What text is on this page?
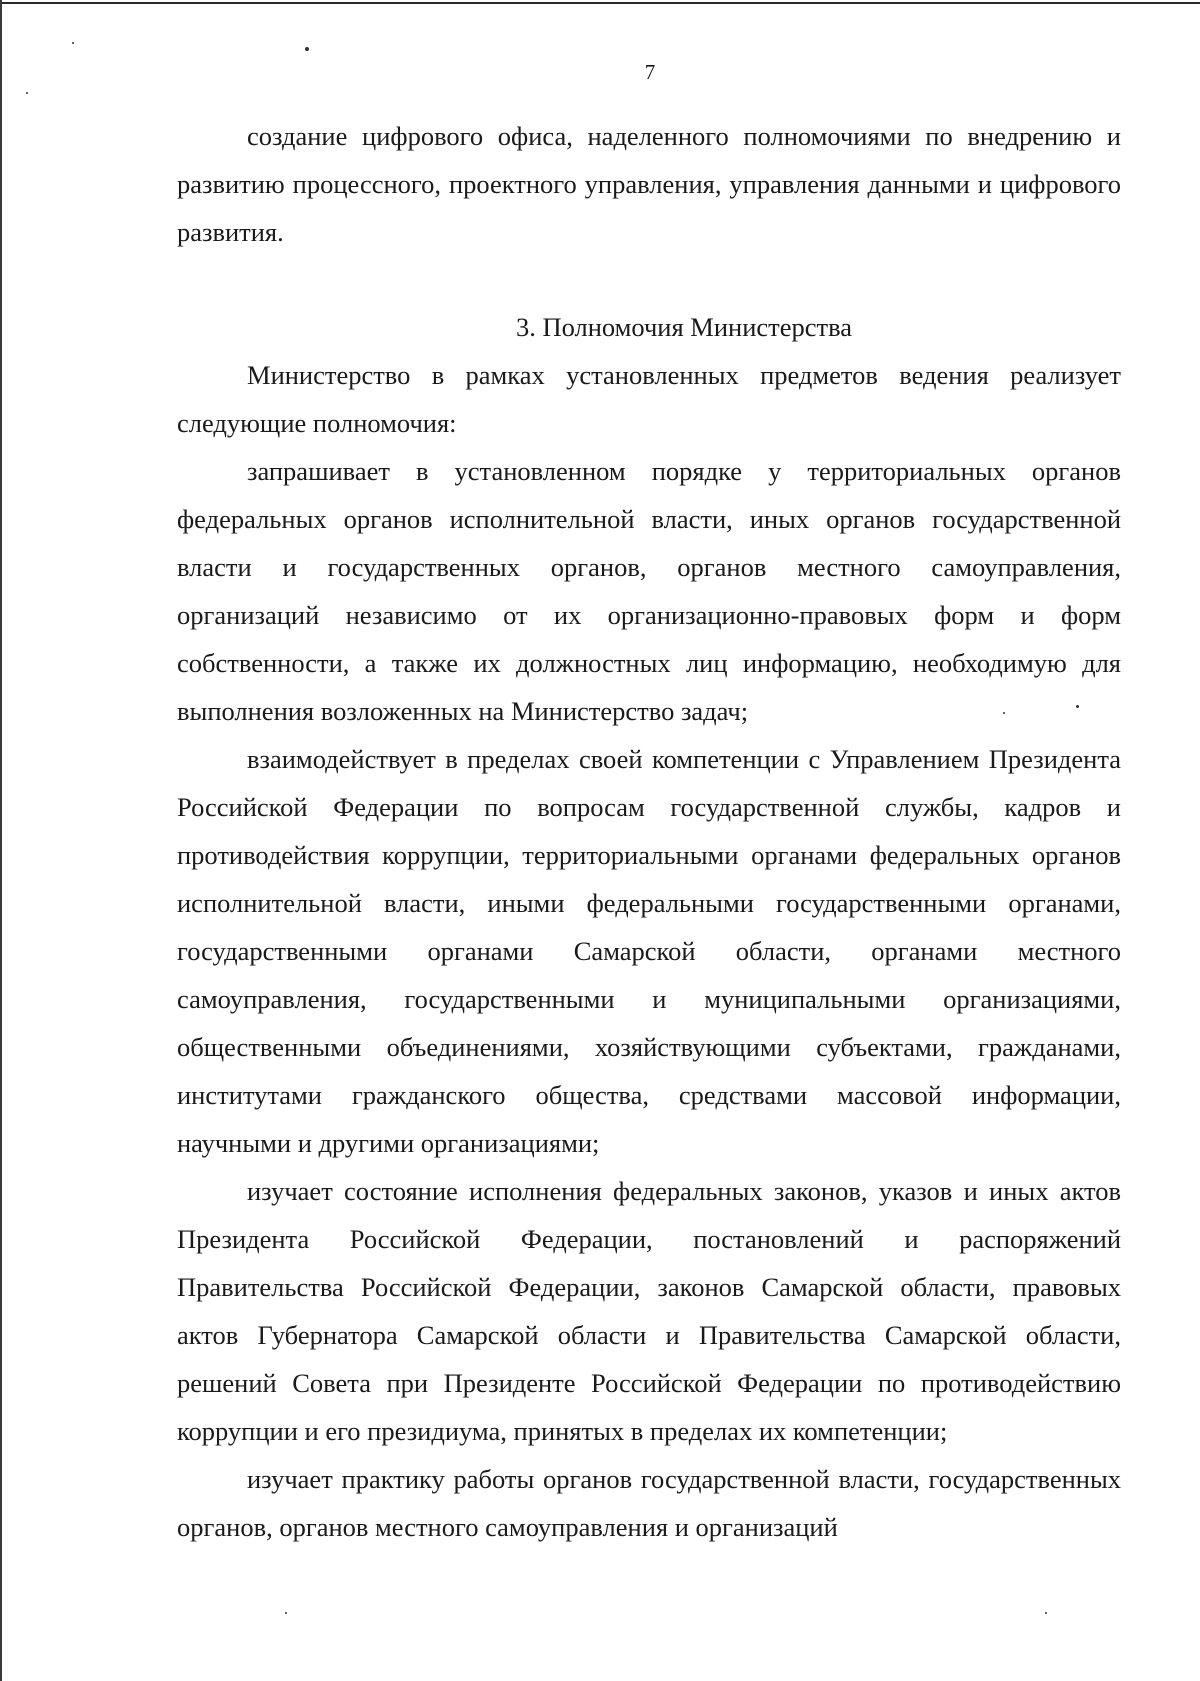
7

создание цифрового офиса, наделенного полномочиями по внедрению и развитию процессного, проектного управления, управления данными и цифрового развития.

3. Полномочия Министерства

Министерство в рамках установленных предметов ведения реализует следующие полномочия:

запрашивает в установленном порядке у территориальных органов федеральных органов исполнительной власти, иных органов государственной власти и государственных органов, органов местного самоуправления, организаций независимо от их организационно-правовых форм и форм собственности, а также их должностных лиц информацию, необходимую для выполнения возложенных на Министерство задач;

взаимодействует в пределах своей компетенции с Управлением Президента Российской Федерации по вопросам государственной службы, кадров и противодействия коррупции, территориальными органами федеральных органов исполнительной власти, иными федеральными государственными органами, государственными органами Самарской области, органами местного самоуправления, государственными и муниципальными организациями, общественными объединениями, хозяйствующими субъектами, гражданами, институтами гражданского общества, средствами массовой информации, научными и другими организациями;

изучает состояние исполнения федеральных законов, указов и иных актов Президента Российской Федерации, постановлений и распоряжений Правительства Российской Федерации, законов Самарской области, правовых актов Губернатора Самарской области и Правительства Самарской области, решений Совета при Президенте Российской Федерации по противодействию коррупции и его президиума, принятых в пределах их компетенции;

изучает практику работы органов государственной власти, государственных органов, органов местного самоуправления и организаций
